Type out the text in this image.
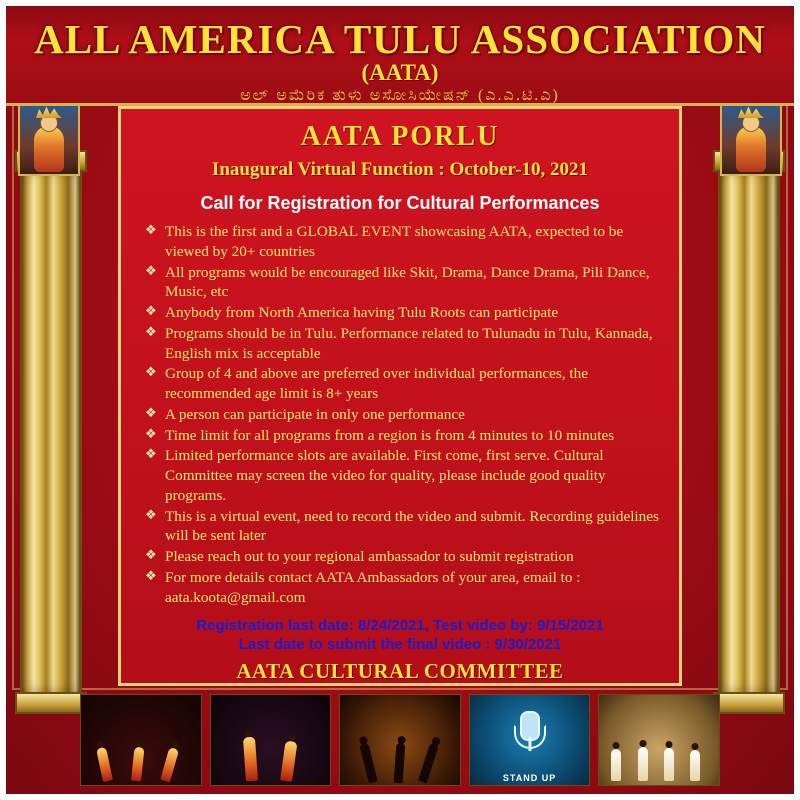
ALL AMERICA TULU ASSOCIATION
(AATA)
ಅಲ್ ಅಮೆರಿಕ ತುಳು ಅಸೋಸಿಯೇಷನ್ (ಎ.ಎ.ಟಿ.ಎ)
AATA PORLU
Inaugural Virtual Function : October-10, 2021
Call for Registration for Cultural Performances
❖ This is the first and a GLOBAL EVENT showcasing AATA, expected to be viewed by 20+ countries
❖ All programs would be encouraged like Skit, Drama, Dance Drama, Pili Dance, Music, etc
❖ Anybody from North America having Tulu Roots can participate
❖ Programs should be in Tulu. Performance related to Tulunadu in Tulu, Kannada, English mix is acceptable
❖ Group of 4 and above are preferred over individual performances, the recommended age limit is 8+ years
❖ A person can participate in only one performance
❖ Time limit for all programs from a region is from 4 minutes to 10 minutes
❖ Limited performance slots are available. First come, first serve. Cultural Committee may screen the video for quality, please include good quality programs.
❖ This is a virtual event, need to record the video and submit. Recording guidelines will be sent later
❖ Please reach out to your regional ambassador to submit registration
❖ For more details contact AATA Ambassadors of your area, email to : aata.koota@gmail.com
Registration last date: 8/24/2021, Test video by: 9/15/2021
Last date to submit the final video : 9/30/2021
AATA CULTURAL COMMITTEE
STAND UP
